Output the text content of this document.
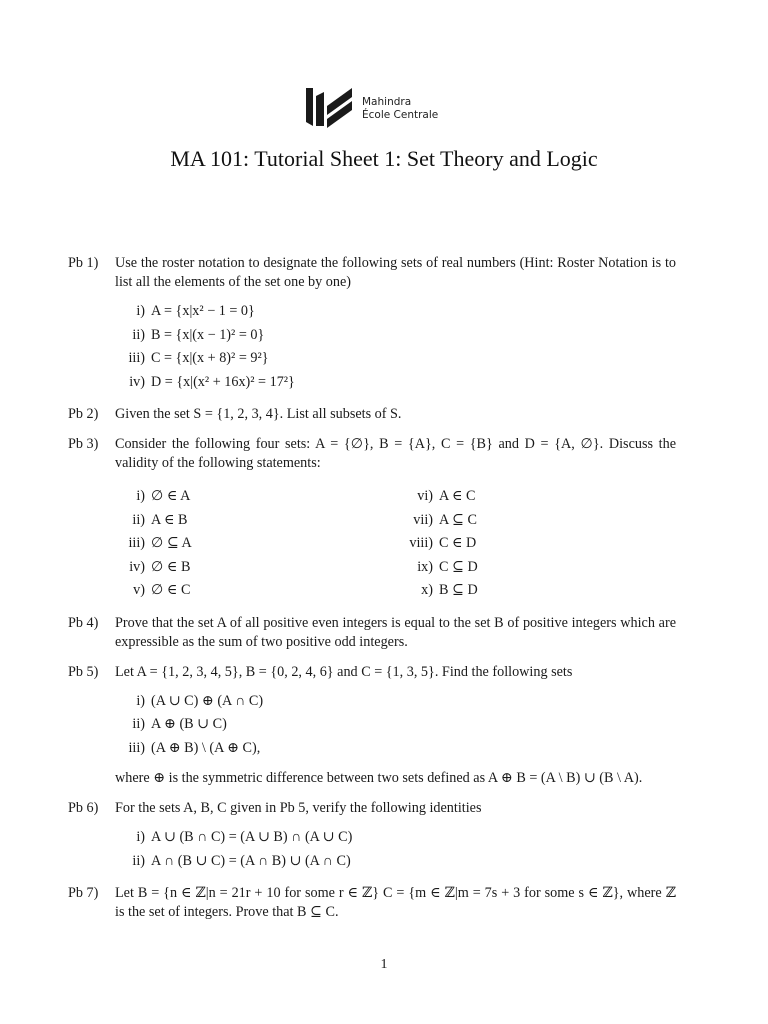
Mahindra
École Centrale
MA 101: Tutorial Sheet 1: Set Theory and Logic
Pb 1)	Use the roster notation to designate the following sets of real numbers (Hint: Roster Notation is to list all the elements of the set one by one)
i) A = {x|x² − 1 = 0}
ii) B = {x|(x − 1)² = 0}
iii) C = {x|(x + 8)² = 9²}
iv) D = {x|(x² + 16x)² = 17²}
Pb 2)	Given the set S = {1, 2, 3, 4}. List all subsets of S.
Pb 3)	Consider the following four sets: A = {∅}, B = {A}, C = {B} and D = {A, ∅}. Discuss the validity of the following statements:
i) ∅ ∈ A
ii) A ∈ B
iii) ∅ ⊆ A
iv) ∅ ∈ B
v) ∅ ∈ C
vi) A ∈ C
vii) A ⊆ C
viii) C ∈ D
ix) C ⊆ D
x) B ⊆ D
Pb 4)	Prove that the set A of all positive even integers is equal to the set B of positive integers which are expressible as the sum of two positive odd integers.
Pb 5)	Let A = {1, 2, 3, 4, 5}, B = {0, 2, 4, 6} and C = {1, 3, 5}. Find the following sets
i) (A ∪ C) ⊕ (A ∩ C)
ii) A ⊕ (B ∪ C)
iii) (A ⊕ B) \ (A ⊕ C),
where ⊕ is the symmetric difference between two sets defined as A ⊕ B = (A \ B) ∪ (B \ A).
Pb 6)	For the sets A, B, C given in Pb 5, verify the following identities
i) A ∪ (B ∩ C) = (A ∪ B) ∩ (A ∪ C)
ii) A ∩ (B ∪ C) = (A ∩ B) ∪ (A ∩ C)
Pb 7)	Let B = {n ∈ ℤ|n = 21r + 10 for some r ∈ ℤ} C = {m ∈ ℤ|m = 7s + 3 for some s ∈ ℤ}, where ℤ is the set of integers. Prove that B ⊆ C.
1
